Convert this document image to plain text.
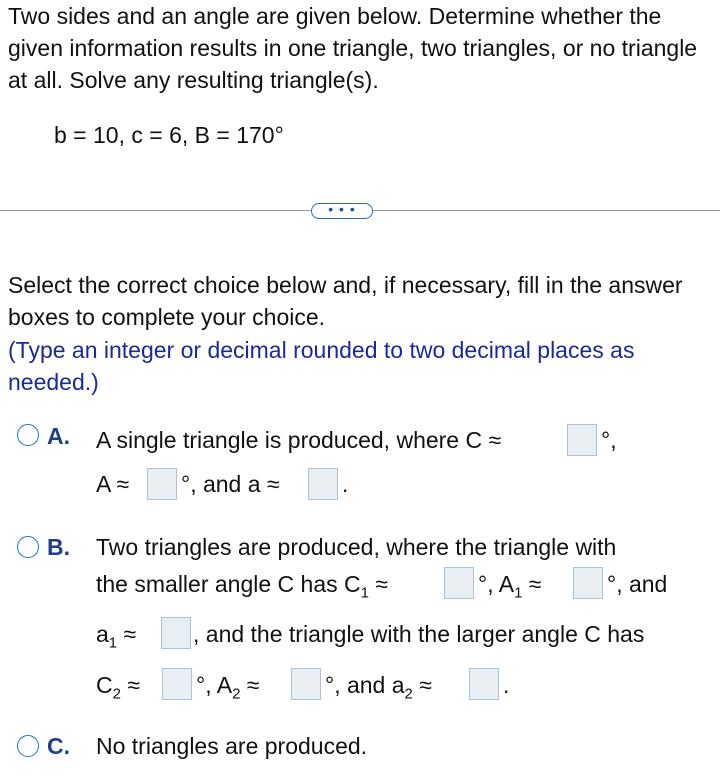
Two sides and an angle are given below. Determine whether the given information results in one triangle, two triangles, or no triangle at all. Solve any resulting triangle(s).
b = 10, c = 6, B = 170°
• • •
Select the correct choice below and, if necessary, fill in the answer boxes to complete your choice.
(Type an integer or decimal rounded to two decimal places as needed.)
A. A single triangle is produced, where C ≈	°,
A ≈ °, and a ≈	.
B. Two triangles are produced, where the triangle with
the smaller angle C has $C_1$ ≈	°, $A_1$ ≈	°, and
$a_1$ ≈ , and the triangle with the larger angle C has
$C_2$ ≈ °, $A_2$ ≈	°, and $a_2$ ≈	.
C. No triangles are produced.
